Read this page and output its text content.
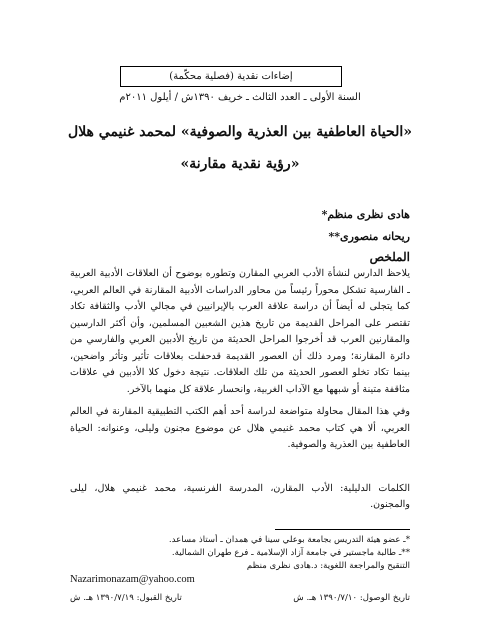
إضاءات نقدية (فصلية محكّمة)
السنة الأولى ـ العدد الثالث ـ خريف ١٣٩٠ش / أيلول ٢٠١١م
«الحياة العاطفية بين العذرية والصوفية» لمحمد غنيمي هلال
«رؤية نقدية مقارنة»
هادی نظری منظم*
ریحانه منصوری**
الملخص

يلاحظ الدارس لنشأة الأدب العربي المقارن وتطوره بوضوح أن العلاقات الأدبية العربية ـ الفارسية تشكل محوراً رئيساً من محاور الدراسات الأدبية المقارنة في العالم العربي، كما يتجلى له أيضاً أن دراسة علاقة العرب بالإيرانيين في مجالي الأدب والثقافة تكاد تقتصر على المراحل القديمة من تاريخ هذين الشعبين المسلمين، وأن أكثر الدارسين والمقارنين العرب قد أخرجوا المراحل الحديثة من تاريخ الأدبين العربي والفارسي من دائرة المقارنة؛ ومرد ذلك أن العصور القديمة قدحفلت بعلاقات تأثير وتأثر واضحين، بينما تكاد تخلو العصور الحديثة من تلك العلاقات. نتيجة دخول كلا الأدبين في علاقات مثاقفة متينة أو شبهها مع الآداب الغربية، وانحسار علاقة كل منهما بالآخر.

وفي هذا المقال محاولة متواضعة لدراسة أحد أهم الكتب التطبيقية المقارنة في العالم العربي، ألا هي كتاب محمد غنيمي هلال عن موضوع مجنون وليلى، وعنوانه: الحياة العاطفية بين العذرية والصوفية.

الكلمات الدليلية: الأدب المقارن، المدرسة الفرنسية، محمد غنيمي هلال، ليلى والمجنون.
*ـ عضو هيئة التدريس بجامعة بوعلي سينا في همدان ـ أستاذ مساعد.
**ـ طالبة ماجستير في جامعة آزاد الإسلامية ـ فرع طهران الشمالية.
التنقيح والمراجعة اللغوية: د.هادی نظری منظم
Nazarimonazam@yahoo.com
تاريخ الوصول: ١٣٩٠/٧/١٠ هـ. ش
تاريخ القبول: ١٣٩٠/٧/١٩ هـ. ش
